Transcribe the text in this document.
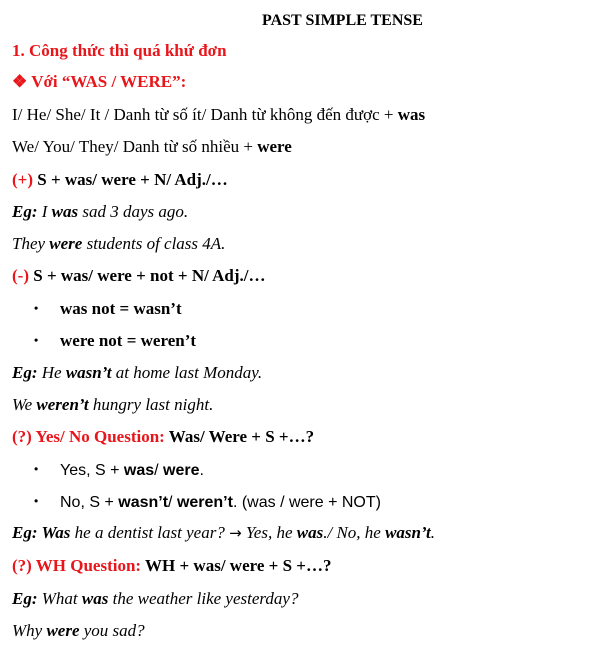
PAST SIMPLE TENSE
1. Công thức thì quá khứ đơn
❖ Với “WAS / WERE”:
I/ He/ She/ It / Danh từ số ít/ Danh từ không đến được + was
We/ You/ They/ Danh từ số nhiều + were
(+) S + was/ were + N/ Adj./…
Eg: I was sad 3 days ago.
They were students of class 4A.
(-) S + was/ were + not + N/ Adj./…
• was not = wasn’t
• were not = weren’t
Eg: He wasn’t at home last Monday.
We weren’t hungry last night.
(?) Yes/ No Question: Was/ Were + S +…?
• Yes, S + was/ were.
• No, S + wasn’t/ weren’t. (was / were + NOT)
Eg: Was he a dentist last year? → Yes, he was./ No, he wasn’t.
(?) WH Question: WH + was/ were + S +…?
Eg: What was the weather like yesterday?
Why were you sad?
